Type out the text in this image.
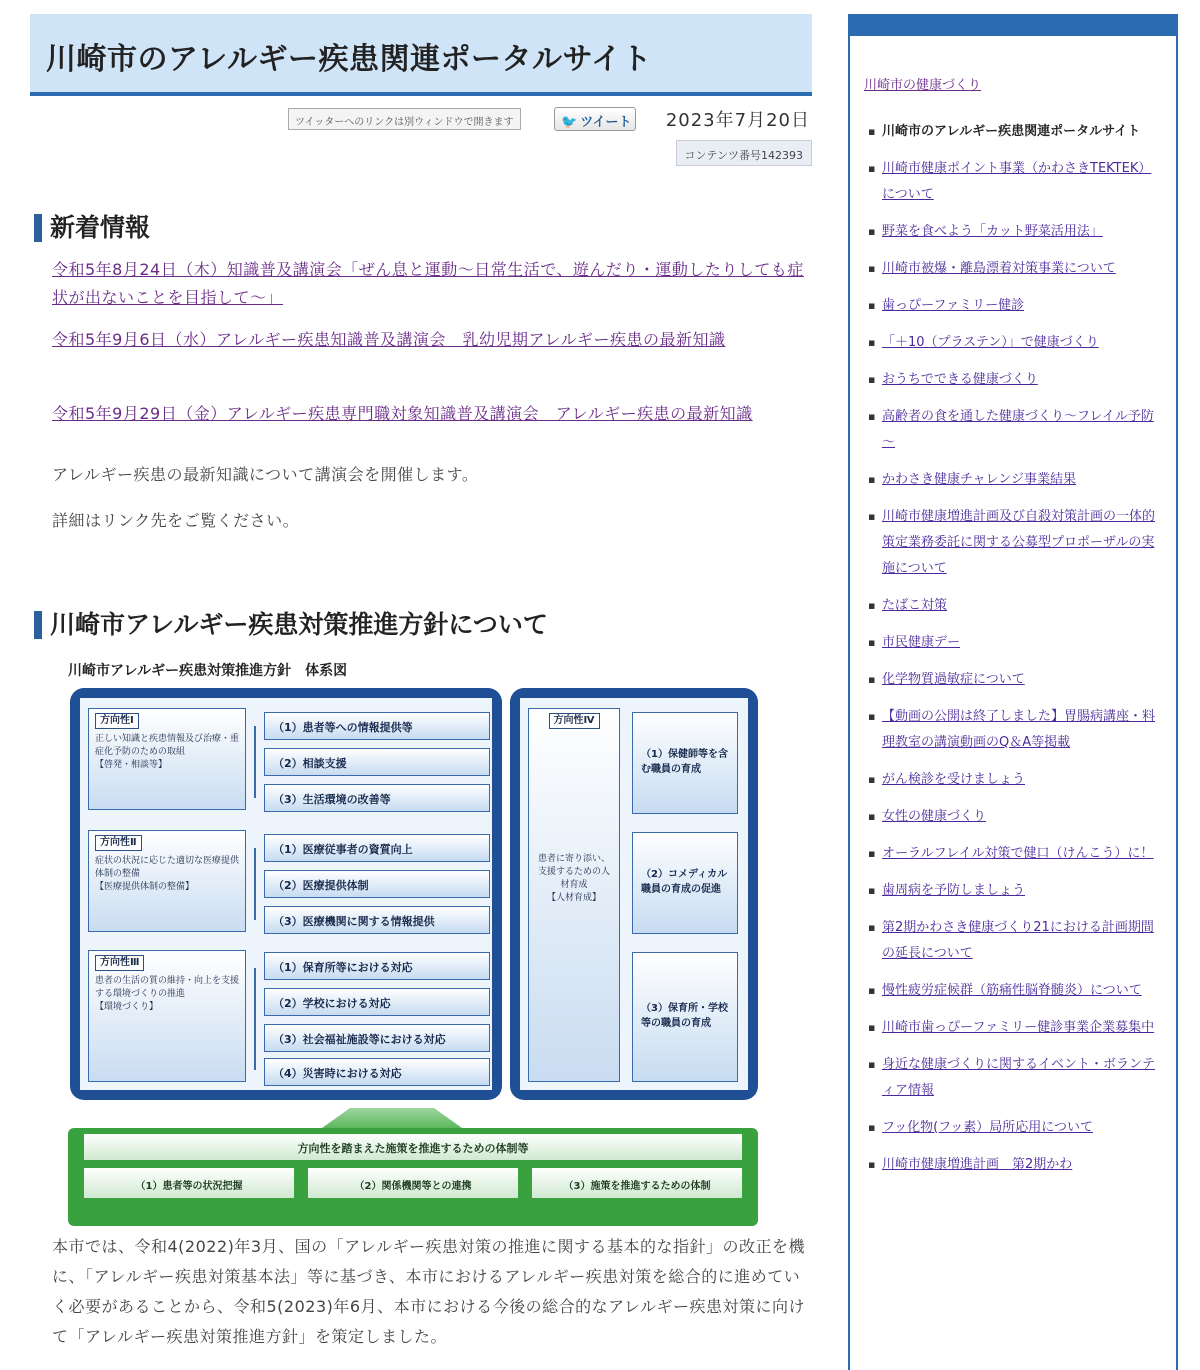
川崎市のアレルギー疾患関連ポータルサイト
ツイッターへのリンクは別ウィンドウで開きます	🐦 ツイート 2023年7月20日
コンテンツ番号142393
新着情報
令和5年8月24日（木）知識普及講演会「ぜん息と運動～日常生活で、遊んだり・運動したりしても症状が出ないことを目指して～」
令和5年9月6日（水）アレルギー疾患知識普及講演会　乳幼児期アレルギー疾患の最新知識
令和5年9月29日（金）アレルギー疾患専門職対象知識普及講演会　アレルギー疾患の最新知識
アレルギー疾患の最新知識について講演会を開催します。
詳細はリンク先をご覧ください。
川崎市アレルギー疾患対策推進方針について
川崎市アレルギー疾患対策推進方針　体系図
方向性Ⅰ
正しい知識と疾患情報及び治療・重症化予防のための取組
【啓発・相談等】
（1）患者等への情報提供等
（2）相談支援
（3）生活環境の改善等
方向性Ⅱ
症状の状況に応じた適切な医療提供体制の整備
【医療提供体制の整備】
（1）医療従事者の資質向上
（2）医療提供体制
（3）医療機関に関する情報提供
方向性Ⅲ
患者の生活の質の維持・向上を支援する環境づくりの推進
【環境づくり】
（1）保育所等における対応
（2）学校における対応
（3）社会福祉施設等における対応
（4）災害時における対応
方向性Ⅳ
患者に寄り添い、支援するための人材育成
【人材育成】
（1）保健師等を含む職員の育成
（2）コメディカル職員の育成の促進
（3）保育所・学校等の職員の育成
方向性を踏まえた施策を推進するための体制等
（1）患者等の状況把握	（2）関係機関等との連携	（3）施策を推進するための体制

本市では、令和4(2022)年3月、国の「アレルギー疾患対策の推進に関する基本的な指針」の改正を機に、「アレルギー疾患対策基本法」等に基づき、本市におけるアレルギー疾患対策を総合的に進めていく必要があることから、令和5(2023)年6月、本市における今後の総合的なアレルギー疾患対策に向けて「アレルギー疾患対策推進方針」を策定しました。

川崎市の健康づくり
▪ 川崎市のアレルギー疾患関連ポータルサイト
▪ 川崎市健康ポイント事業（かわさきTEKTEK）について
▪ 野菜を食べよう「カット野菜活用法」
▪ 川崎市被爆・離島漂着対策事業について
▪ 歯っぴーファミリー健診
▪ 「＋10（プラステン）」で健康づくり
▪ おうちでできる健康づくり
▪ 高齢者の食を通した健康づくり～フレイル予防～
▪ かわさき健康チャレンジ事業結果
▪ 川崎市健康増進計画及び自殺対策計画の一体的策定業務委託に関する公募型プロポーザルの実施について
▪ たばこ対策
▪ 市民健康デー
▪ 化学物質過敏症について
▪ 【動画の公開は終了しました】胃腸病講座・料理教室の講演動画のQ＆A等掲載
▪ がん検診を受けましょう
▪ 女性の健康づくり
▪ オーラルフレイル対策で健口（けんこう）に！
▪ 歯周病を予防しましょう
▪ 第2期かわさき健康づくり21における計画期間の延長について
▪ 慢性疲労症候群（筋痛性脳脊髄炎）について
▪ 川崎市歯っぴーファミリー健診事業企業募集中
▪ 身近な健康づくりに関するイベント・ボランティア情報
▪ フッ化物(フッ素）局所応用について
▪ 川崎市健康増進計画　第2期かわ
